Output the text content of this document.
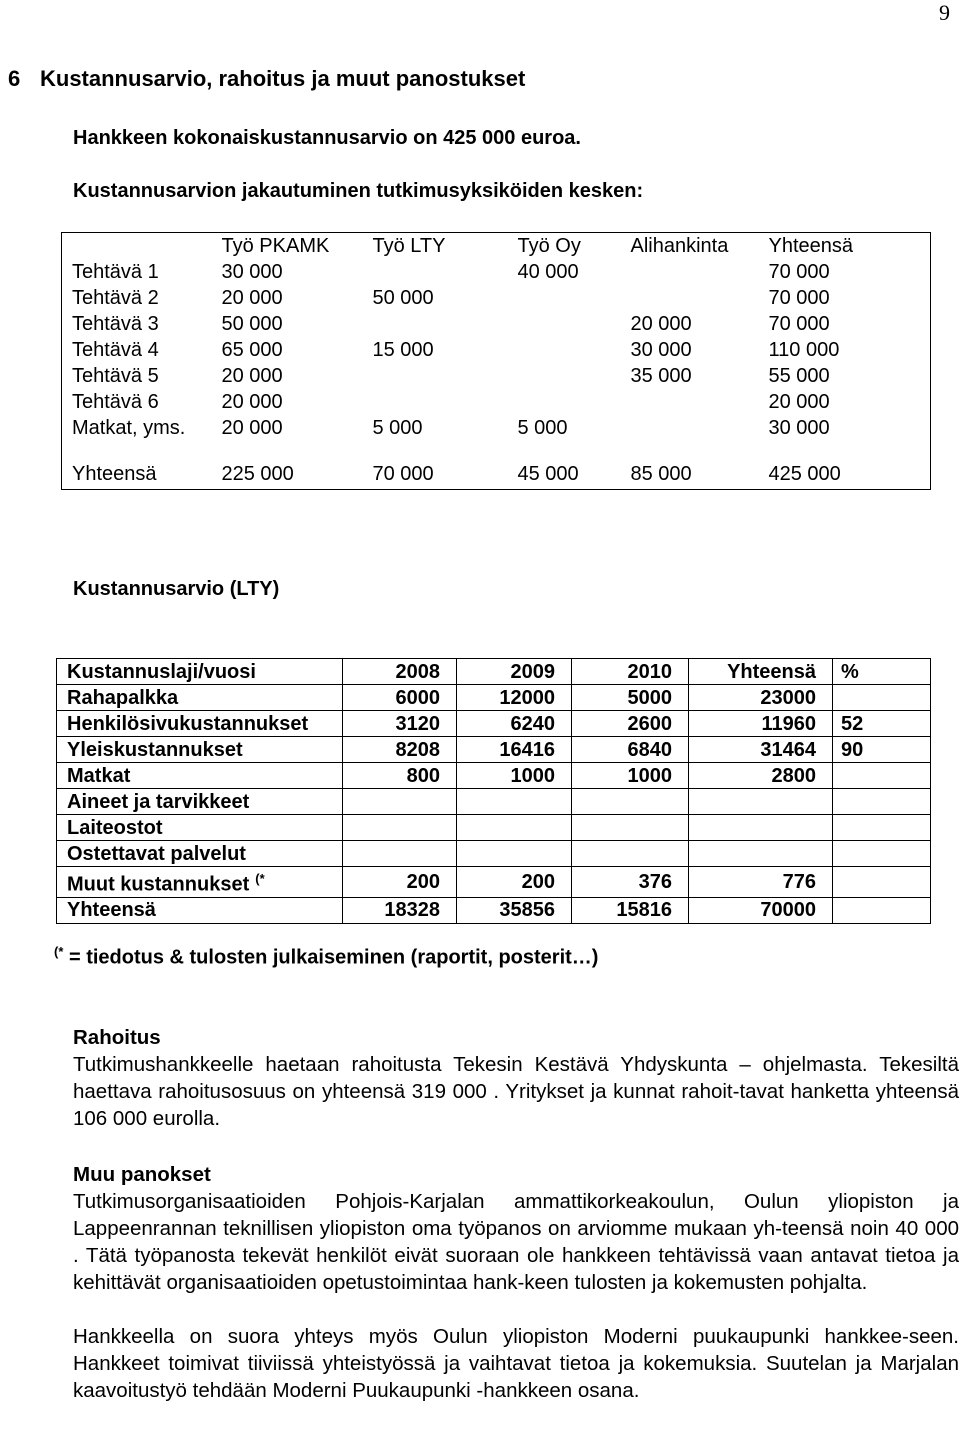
9
6 Kustannusarvio, rahoitus ja muut panostukset
Hankkeen kokonaiskustannusarvio on 425 000 euroa.
Kustannusarvion jakautuminen tutkimusyksiköiden kesken:
	Työ PKAMK	Työ LTY	Työ Oy	Alihankinta	Yhteensä
Tehtävä 1	30 000		40 000		70 000
Tehtävä 2	20 000	50 000			70 000
Tehtävä 3	50 000			20 000	70 000
Tehtävä 4	65 000	15 000		30 000	110 000
Tehtävä 5	20 000			35 000	55 000
Tehtävä 6	20 000				20 000
Matkat, yms.	20 000	5 000	5 000		30 000

Yhteensä	225 000	70 000	45 000	85 000	425 000
Kustannusarvio (LTY)
Kustannuslaji/vuosi	2008	2009	2010	Yhteensä	%
Rahapalkka	6000	12000	5000	23000	
Henkilösivukustannukset	3120	6240	2600	11960	52
Yleiskustannukset	8208	16416	6840	31464	90
Matkat	800	1000	1000	2800	
Aineet ja tarvikkeet					
Laiteostot					
Ostettavat palvelut					
Muut kustannukset (*	200	200	376	776	
Yhteensä	18328	35856	15816	70000	
(* = tiedotus & tulosten julkaiseminen (raportit, posterit…)

Rahoitus

Tutkimushankkeelle haetaan rahoitusta Tekesin Kestävä Yhdyskunta – ohjelmasta. Tekesiltä haettava rahoitusosuus on yhteensä 319 000 . Yritykset ja kunnat rahoit-tavat hanketta yhteensä 106 000 eurolla.

Muu panokset

Tutkimusorganisaatioiden Pohjois-Karjalan ammattikorkeakoulun, Oulun yliopiston ja Lappeenrannan teknillisen yliopiston oma työpanos on arviomme mukaan yh-teensä noin 40 000 . Tätä työpanosta tekevät henkilöt eivät suoraan ole hankkeen tehtävissä vaan antavat tietoa ja kehittävät organisaatioiden opetustoimintaa hank-keen tulosten ja kokemusten pohjalta.

Hankkeella on suora yhteys myös Oulun yliopiston Moderni puukaupunki hankkee-seen. Hankkeet toimivat tiiviissä yhteistyössä ja vaihtavat tietoa ja kokemuksia. Suutelan ja Marjalan kaavoitustyö tehdään Moderni Puukaupunki -hankkeen osana.
